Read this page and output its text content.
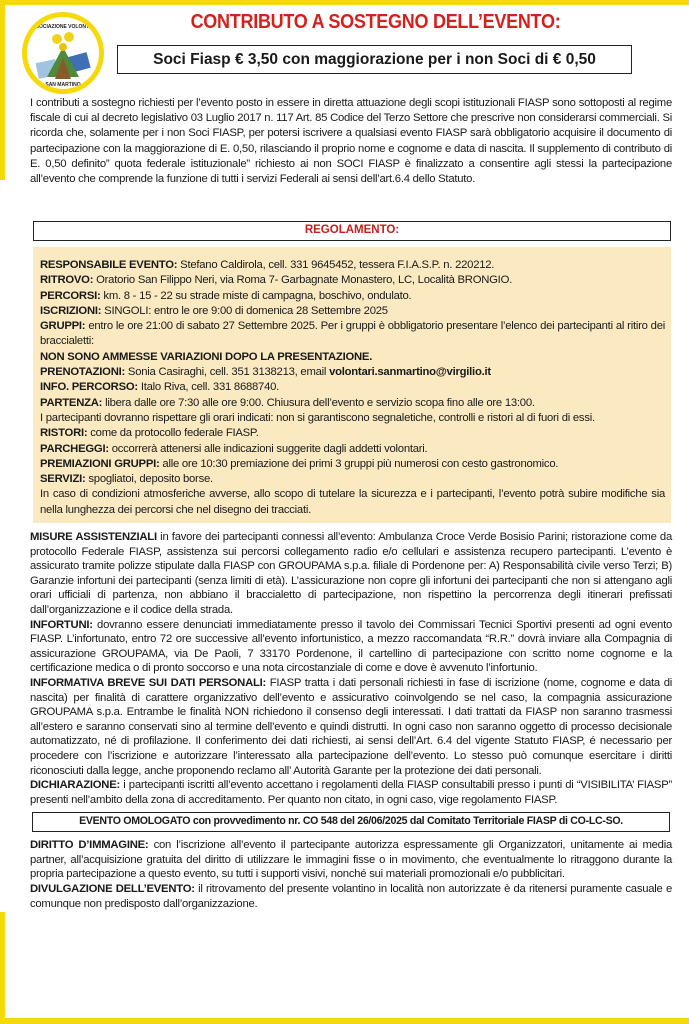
ASSOCIAZIONE VOLONTARI
SAN MARTINO
CONTRIBUTO A SOSTEGNO DELL’EVENTO:
Soci Fiasp € 3,50 con maggiorazione per i non Soci di € 0,50

I contributi a sostegno richiesti per l’evento posto in essere in diretta attuazione degli scopi istituzionali FIASP sono sottoposti al regime fiscale di cui al decreto legislativo 03 Luglio 2017 n. 117 Art. 85 Codice del Terzo Settore che prescrive non considerarsi commerciali. Si ricorda che, solamente per i non Soci FIASP, per potersi iscrivere a qualsiasi evento FIASP sarà obbligatorio acquisire il documento di partecipazione con la maggiorazione di E. 0,50, rilasciando il proprio nome e cognome e data di nascita. Il supplemento di contributo di E. 0,50 definito” quota federale istituzionale” richiesto ai non SOCI FIASP è finalizzato a consentire agli stessi la partecipazione all’evento che comprende la funzione di tutti i servizi Federali ai sensi dell’art.6.4 dello Statuto.

REGOLAMENTO:

RESPONSABILE EVENTO: Stefano Caldirola, cell. 331 9645452, tessera F.I.A.S.P. n. 220212.

RITROVO: Oratorio San Filippo Neri, via Roma 7- Garbagnate Monastero, LC, Località BRONGIO.

PERCORSI: km. 8 - 15 - 22 su strade miste di campagna, boschivo, ondulato.

ISCRIZIONI: SINGOLI: entro le ore 9:00 di domenica 28 Settembre 2025

GRUPPI: entro le ore 21:00 di sabato 27 Settembre 2025. Per i gruppi è obbligatorio presentare l’elenco dei partecipanti al ritiro dei braccialetti:

NON SONO AMMESSE VARIAZIONI DOPO LA PRESENTAZIONE.

PRENOTAZIONI: Sonia Casiraghi, cell. 351 3138213, email volontari.sanmartino@virgilio.it

INFO. PERCORSO: Italo Riva, cell. 331 8688740.

PARTENZA: libera dalle ore 7:30 alle ore 9:00. Chiusura dell’evento e servizio scopa fino alle ore 13:00.

I partecipanti dovranno rispettare gli orari indicati: non si garantiscono segnaletiche, controlli e ristori al di fuori di essi.

RISTORI: come da protocollo federale FIASP.

PARCHEGGI: occorrerà attenersi alle indicazioni suggerite dagli addetti volontari.

PREMIAZIONI GRUPPI: alle ore 10:30 premiazione dei primi 3 gruppi più numerosi con cesto gastronomico.

SERVIZI: spogliatoi, deposito borse.

In caso di condizioni atmosferiche avverse, allo scopo di tutelare la sicurezza e i partecipanti, l’evento potrà subire modifiche sia nella lunghezza dei percorsi che nel disegno dei tracciati.

MISURE ASSISTENZIALI in favore dei partecipanti connessi all’evento: Ambulanza Croce Verde Bosisio Parini; ristorazione come da protocollo Federale FIASP, assistenza sui percorsi collegamento radio e/o cellulari e assistenza recupero partecipanti. L’evento è assicurato tramite polizze stipulate dalla FIASP con GROUPAMA s.p.a. filiale di Pordenone per: A) Responsabilità civile verso Terzi; B) Garanzie infortuni dei partecipanti (senza limiti di età). L’assicurazione non copre gli infortuni dei partecipanti che non si attengano agli orari ufficiali di partenza, non abbiano il braccialetto di partecipazione, non rispettino la percorrenza degli itinerari prefissati dall’organizzazione e il codice della strada.

INFORTUNI: dovranno essere denunciati immediatamente presso il tavolo dei Commissari Tecnici Sportivi presenti ad ogni evento FIASP. L’infortunato, entro 72 ore successive all’evento infortunistico, a mezzo raccomandata “R.R.” dovrà inviare alla Compagnia di assicurazione GROUPAMA, via De Paoli, 7 33170 Pordenone, il cartellino di partecipazione con scritto nome cognome e la certificazione medica o di pronto soccorso e una nota circostanziale di come e dove è avvenuto l’infortunio.

INFORMATIVA BREVE SUI DATI PERSONALI: FIASP tratta i dati personali richiesti in fase di iscrizione (nome, cognome e data di nascita) per finalità di carattere organizzativo dell’evento e assicurativo coinvolgendo se nel caso, la compagnia assicurazione GROUPAMA s.p.a. Entrambe le finalità NON richiedono il consenso degli interessati. I dati trattati da FIASP non saranno trasmessi all’estero e saranno conservati sino al termine dell’evento e quindi distrutti. In ogni caso non saranno oggetto di processo decisionale automatizzato, né di profilazione. Il conferimento dei dati richiesti, ai sensi dell’Art. 6.4 del vigente Statuto FIASP, é necessario per procedere con l’iscrizione e autorizzare l’interessato alla partecipazione dell’evento. Lo stesso può comunque esercitare i diritti riconosciuti dalla legge, anche proponendo reclamo all’ Autorità Garante per la protezione dei dati personali.

DICHIARAZIONE: i partecipanti iscritti all’evento accettano i regolamenti della FIASP consultabili presso i punti di “VISIBILITA’ FIASP” presenti nell’ambito della zona di accreditamento. Per quanto non citato, in ogni caso, vige regolamento FIASP.

EVENTO OMOLOGATO con provvedimento nr. CO 548 del 26/06/2025 dal Comitato Territoriale FIASP di CO-LC-SO.

DIRITTO D’IMMAGINE: con l’iscrizione all’evento il partecipante autorizza espressamente gli Organizzatori, unitamente ai media partner, all’acquisizione gratuita del diritto di utilizzare le immagini fisse o in movimento, che eventualmente lo ritraggono durante la propria partecipazione a questo evento, su tutti i supporti visivi, nonché sui materiali promozionali e/o pubblicitari.

DIVULGAZIONE DELL’EVENTO: il ritrovamento del presente volantino in località non autorizzate è da ritenersi puramente casuale e comunque non predisposto dall’organizzazione.
